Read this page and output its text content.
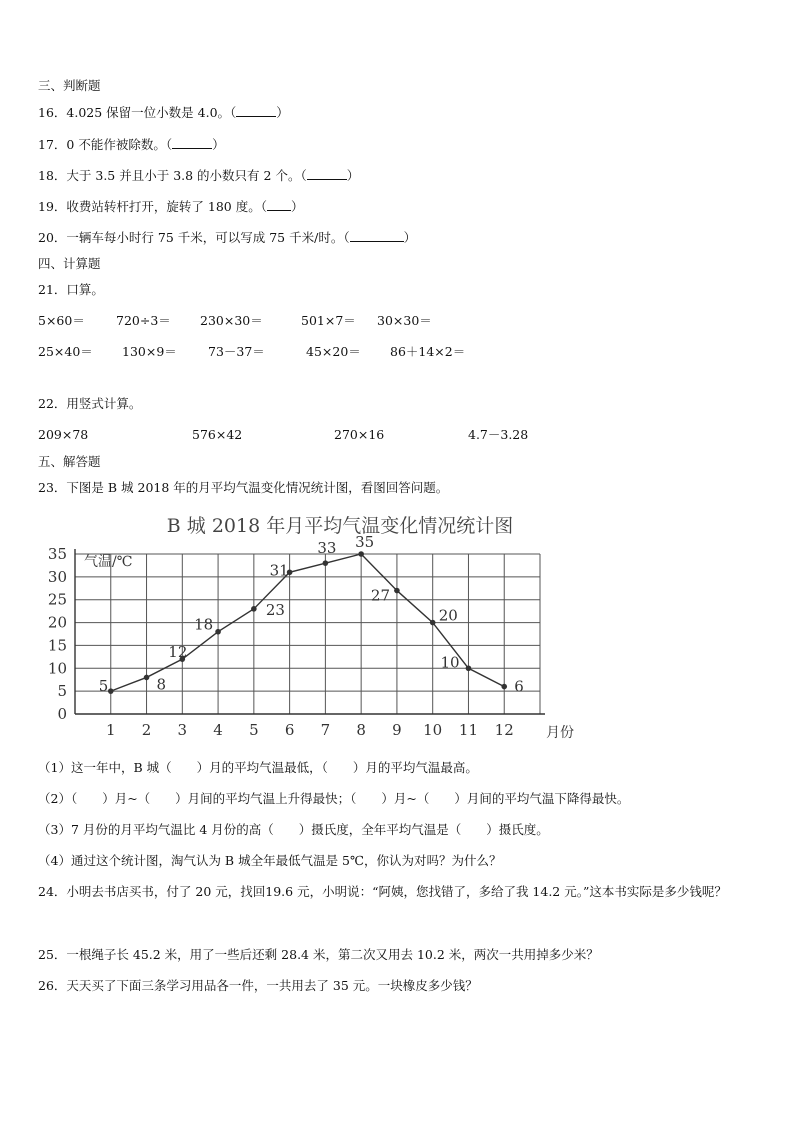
三、判断题
16．4.025 保留一位小数是 4.0。（	）
17．0 不能作被除数。（	）
18．大于 3.5 并且小于 3.8 的小数只有 2 个。（	）
19．收费站转杆打开，旋转了 180 度。（ ）
20．一辆车每小时行 75 千米，可以写成 75 千米/时。（	）
四、计算题
21．口算。
5×60＝ 720÷3＝ 230×30＝	501×7＝ 30×30＝
25×40＝ 130×9＝ 73－37＝	45×20＝ 86＋14×2＝
22．用竖式计算。
209×78	576×42	270×16	4.7－3.28
五、解答题
23．下图是 B 城 2018 年的月平均气温变化情况统计图，看图回答问题。
B 城 2018 年月平均气温变化情况统计图
气温/℃
月份
0
5
10
15
20
25
30
35
1 2 3 4 5 6 7 8 9 10 11 12
5	8
12
18
23
31
33 35
27
20
10
6
（1）这一年中，B 城（　　）月的平均气温最低，（　　）月的平均气温最高。
（2）（　　）月~（　　）月间的平均气温上升得最快；（　　）月~（　　）月间的平均气温下降得最快。
（3）7 月份的月平均气温比 4 月份的高（　　）摄氏度，全年平均气温是（　　）摄氏度。
（4）通过这个统计图，淘气认为 B 城全年最低气温是 5℃，你认为对吗？为什么？
24．小明去书店买书，付了 20 元，找回19.6 元，小明说：“阿姨，您找错了，多给了我 14.2 元。”这本书实际是多少钱呢？
25．一根绳子长 45.2 米，用了一些后还剩 28.4 米，第二次又用去 10.2 米，两次一共用掉多少米？
26．天天买了下面三条学习用品各一件，一共用去了 35 元。一块橡皮多少钱？
